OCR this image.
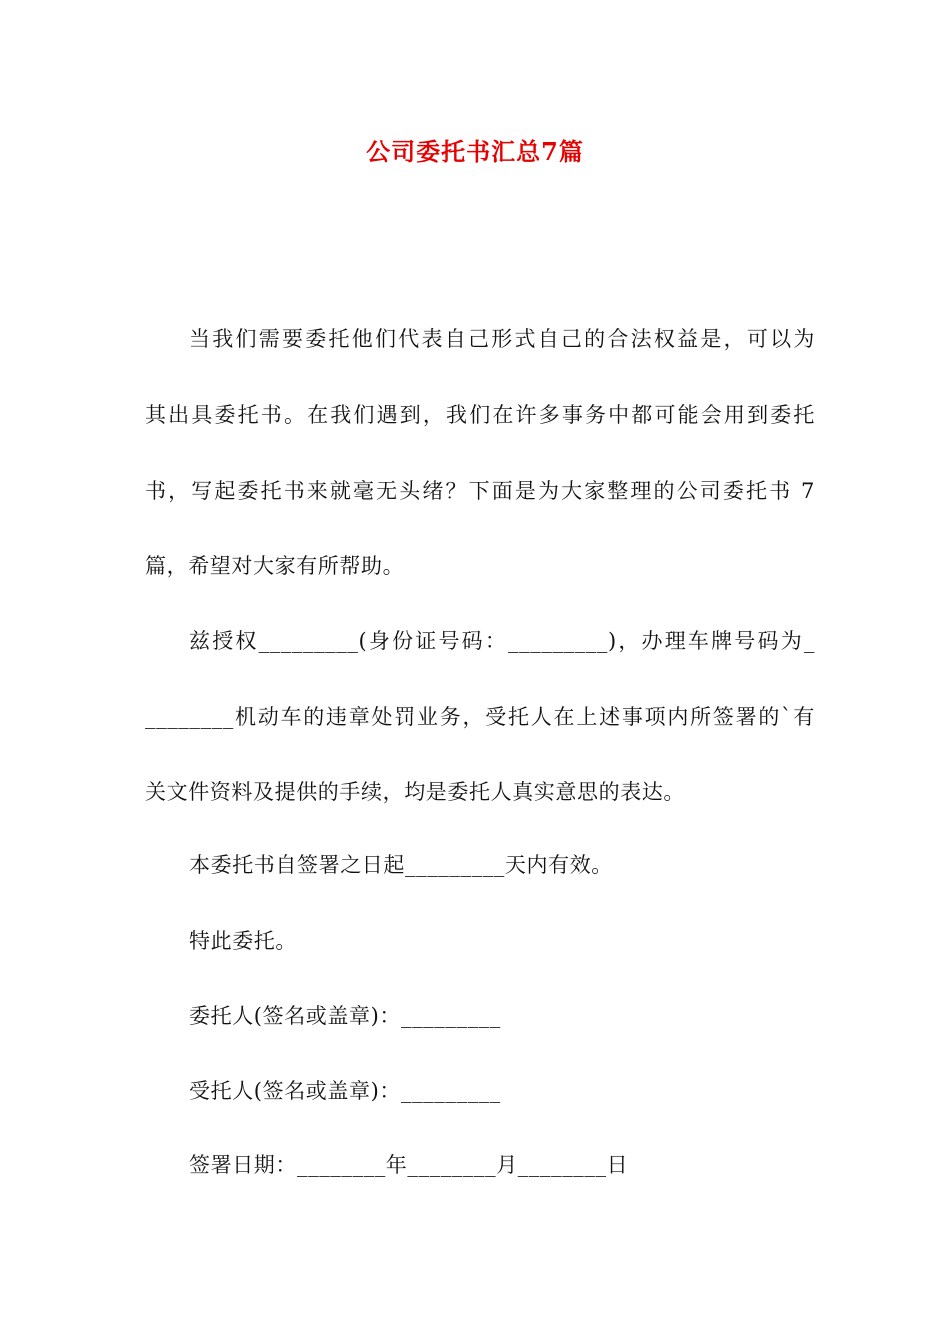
公司委托书汇总7篇
当我们需要委托他们代表自己形式自己的合法权益是，可以为
其出具委托书。在我们遇到，我们在许多事务中都可能会用到委托
书，写起委托书来就毫无头绪？下面是为大家整理的公司委托书 7
篇，希望对大家有所帮助。
兹授权_________(身份证号码：_________)，办理车牌号码为_
________机动车的违章处罚业务，受托人在上述事项内所签署的`有
关文件资料及提供的手续，均是委托人真实意思的表达。
本委托书自签署之日起_________天内有效。
特此委托。
委托人(签名或盖章)：_________
受托人(签名或盖章)：_________
签署日期：________年________月________日
